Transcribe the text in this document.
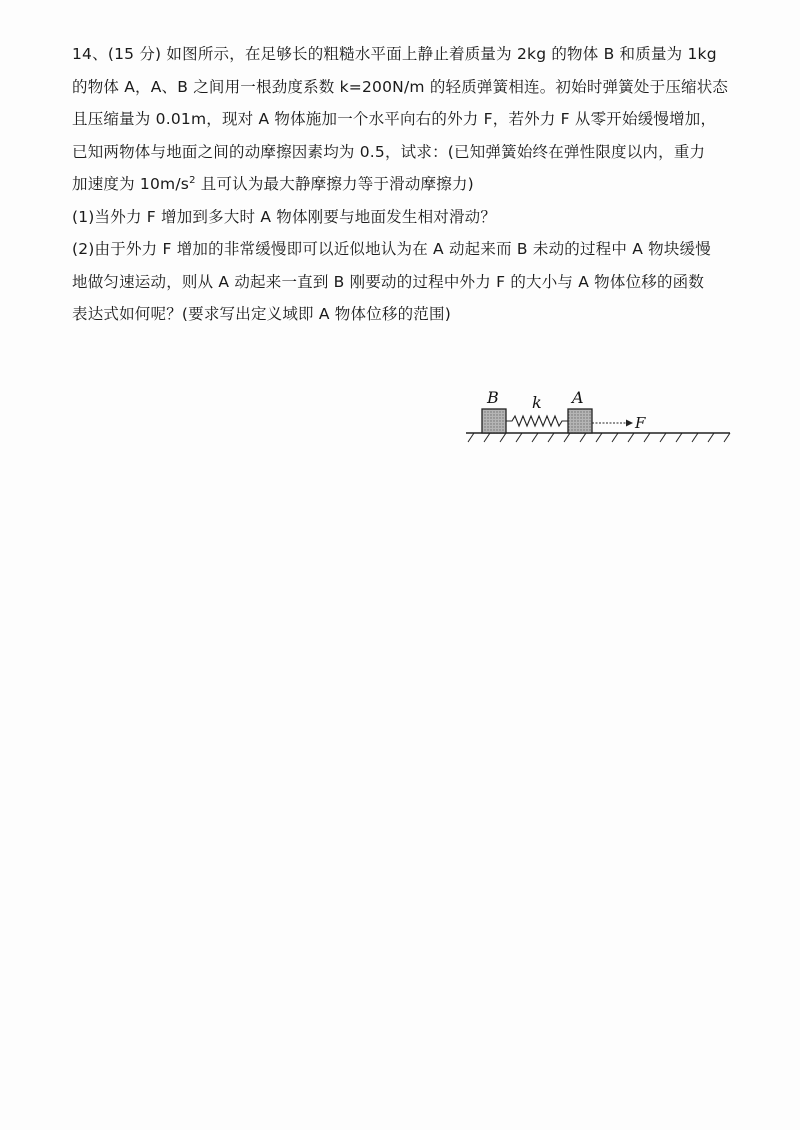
14、(15 分) 如图所示，在足够长的粗糙水平面上静止着质量为 2kg 的物体 B 和质量为 1kg
的物体 A，A、B 之间用一根劲度系数 k=200N/m 的轻质弹簧相连。初始时弹簧处于压缩状态
且压缩量为 0.01m，现对 A 物体施加一个水平向右的外力 F，若外力 F 从零开始缓慢增加，
已知两物体与地面之间的动摩擦因素均为 0.5，试求：(已知弹簧始终在弹性限度以内，重力
加速度为 $10m/s^2$ 且可认为最大静摩擦力等于滑动摩擦力)
(1)当外力 F 增加到多大时 A 物体刚要与地面发生相对滑动？
(2)由于外力 F 增加的非常缓慢即可以近似地认为在 A 动起来而 B 未动的过程中 A 物块缓慢
地做匀速运动，则从 A 动起来一直到 B 刚要动的过程中外力 F 的大小与 A 物体位移的函数
表达式如何呢？(要求写出定义域即 A 物体位移的范围)
B k A
F
